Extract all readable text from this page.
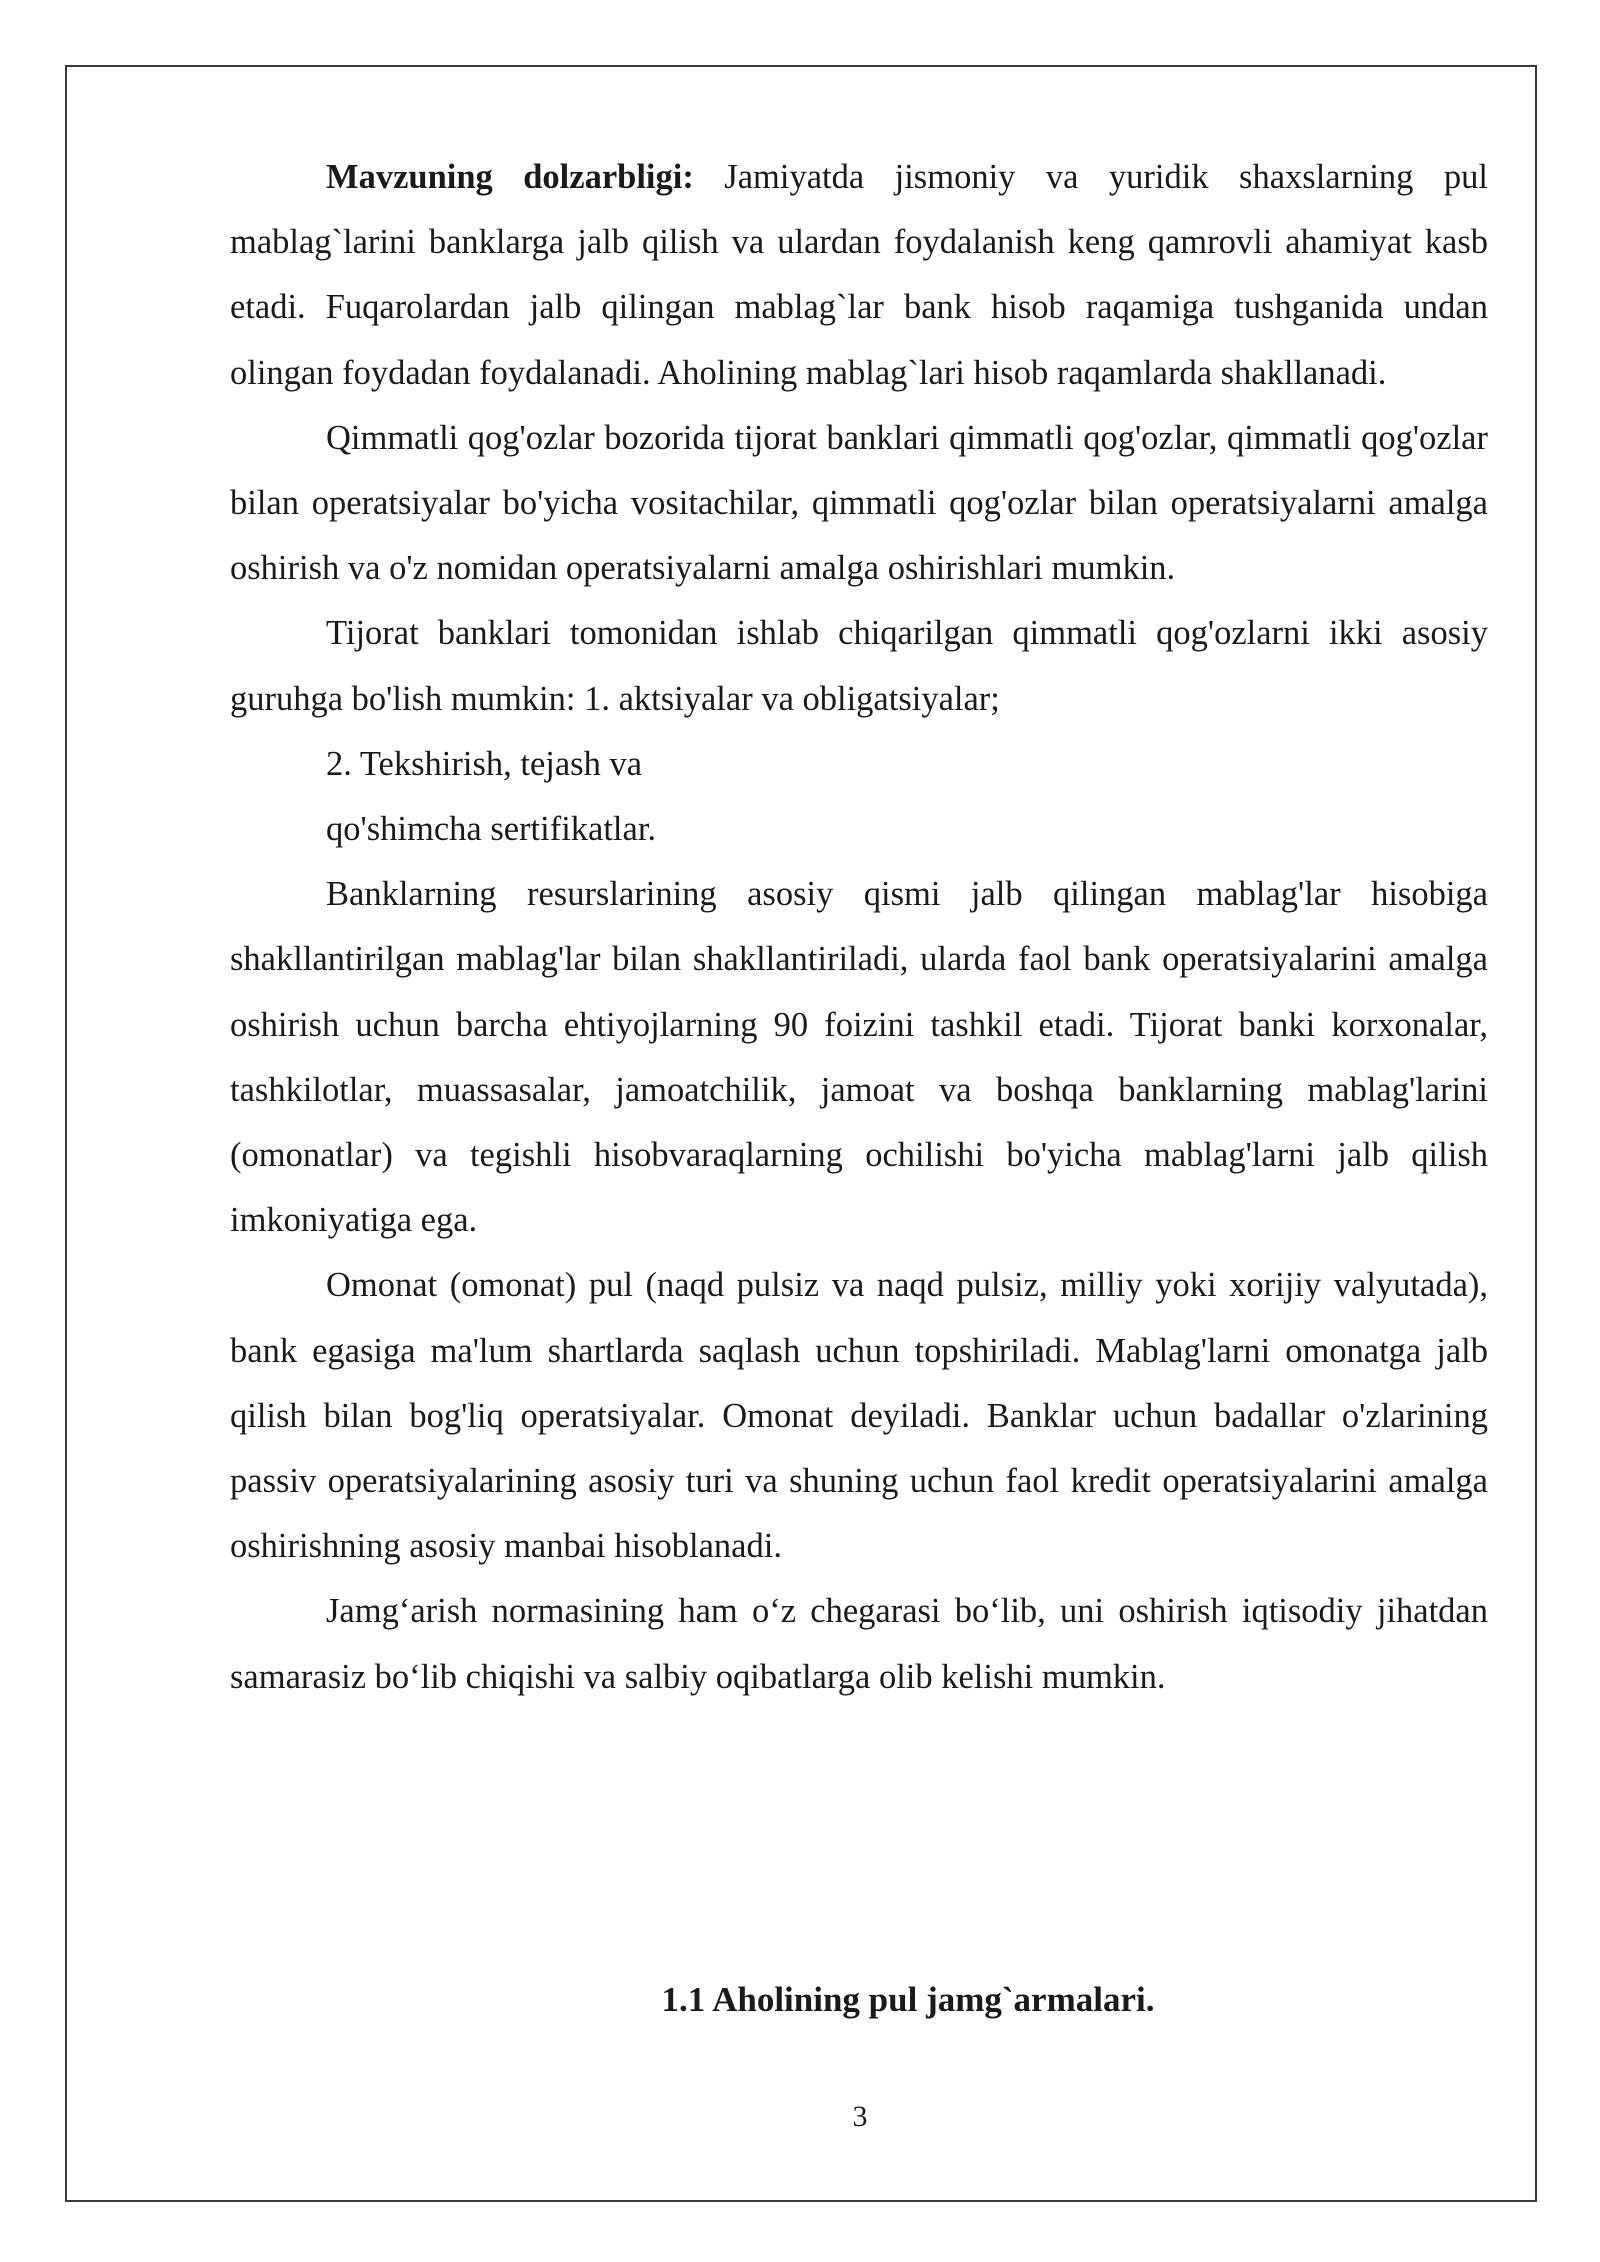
Mavzuning dolzarbligi: Jamiyatda jismoniy va yuridik shaxslarning pul mablag`larini banklarga jalb qilish va ulardan foydalanish keng qamrovli ahamiyat kasb etadi. Fuqarolardan jalb qilingan mablag`lar bank hisob raqamiga tushganida undan olingan foydadan foydalanadi. Aholining mablag`lari hisob raqamlarda shakllanadi.

Qimmatli qog'ozlar bozorida tijorat banklari qimmatli qog'ozlar, qimmatli qog'ozlar bilan operatsiyalar bo'yicha vositachilar, qimmatli qog'ozlar bilan operatsiyalarni amalga oshirish va o'z nomidan operatsiyalarni amalga oshirishlari mumkin.

Tijorat banklari tomonidan ishlab chiqarilgan qimmatli qog'ozlarni ikki asosiy guruhga bo'lish mumkin: 1. aktsiyalar va obligatsiyalar;

2. Tekshirish, tejash va

qo'shimcha sertifikatlar.

Banklarning resurslarining asosiy qismi jalb qilingan mablag'lar hisobiga shakllantirilgan mablag'lar bilan shakllantiriladi, ularda faol bank operatsiyalarini amalga oshirish uchun barcha ehtiyojlarning 90 foizini tashkil etadi. Tijorat banki korxonalar, tashkilotlar, muassasalar, jamoatchilik, jamoat va boshqa banklarning mablag'larini (omonatlar) va tegishli hisobvaraqlarning ochilishi bo'yicha mablag'larni jalb qilish imkoniyatiga ega.

Omonat (omonat) pul (naqd pulsiz va naqd pulsiz, milliy yoki xorijiy valyutada), bank egasiga ma'lum shartlarda saqlash uchun topshiriladi. Mablag'larni omonatga jalb qilish bilan bog'liq operatsiyalar. Omonat deyiladi. Banklar uchun badallar o'zlarining passiv operatsiyalarining asosiy turi va shuning uchun faol kredit operatsiyalarini amalga oshirishning asosiy manbai hisoblanadi.

Jamg‘arish normasining ham o‘z chegarasi bo‘lib, uni oshirish iqtisodiy jihatdan samarasiz bo‘lib chiqishi va salbiy oqibatlarga olib kelishi mumkin.

1.1 Aholining pul jamg`armalari.

3
